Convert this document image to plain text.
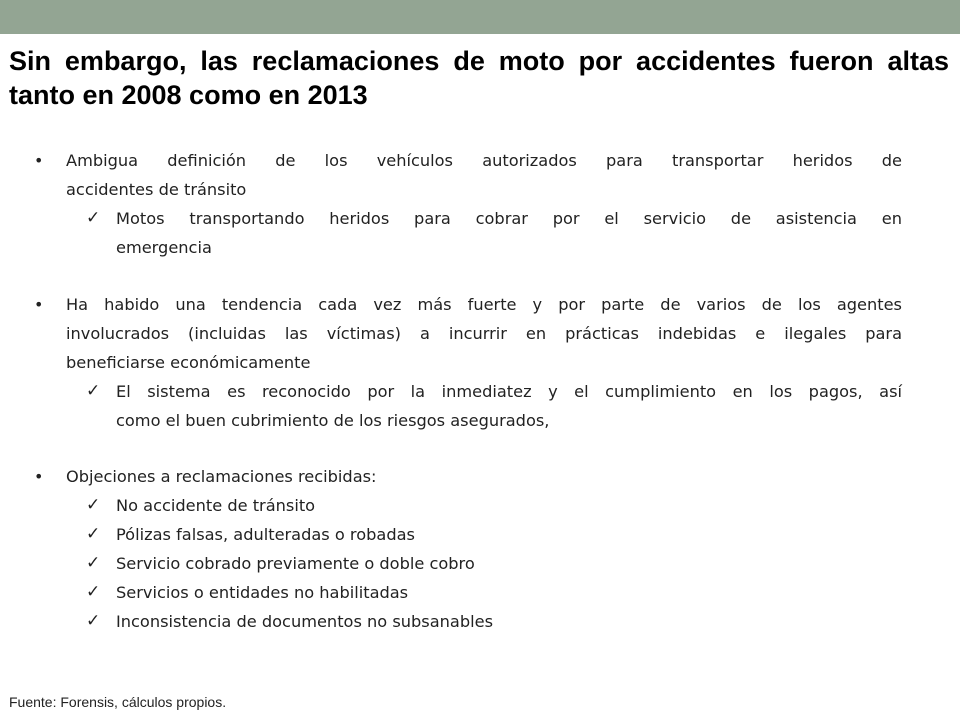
Sin embargo, las reclamaciones de moto por accidentes fueron altas tanto en 2008 como en 2013
• Ambigua definición de los vehículos autorizados para transportar heridos de
accidentes de tránsito
✓ Motos transportando heridos para cobrar por el servicio de asistencia en
emergencia
• Ha habido una tendencia cada vez más fuerte y por parte de varios de los agentes
involucrados (incluidas las víctimas) a incurrir en prácticas indebidas e ilegales para
beneficiarse económicamente
✓ El sistema es reconocido por la inmediatez y el cumplimiento en los pagos, así
como el buen cubrimiento de los riesgos asegurados,
• Objeciones a reclamaciones recibidas:
✓ No accidente de tránsito
✓ Pólizas falsas, adulteradas o robadas
✓ Servicio cobrado previamente o doble cobro
✓ Servicios o entidades no habilitadas
✓ Inconsistencia de documentos no subsanables
Fuente: Forensis, cálculos propios.
